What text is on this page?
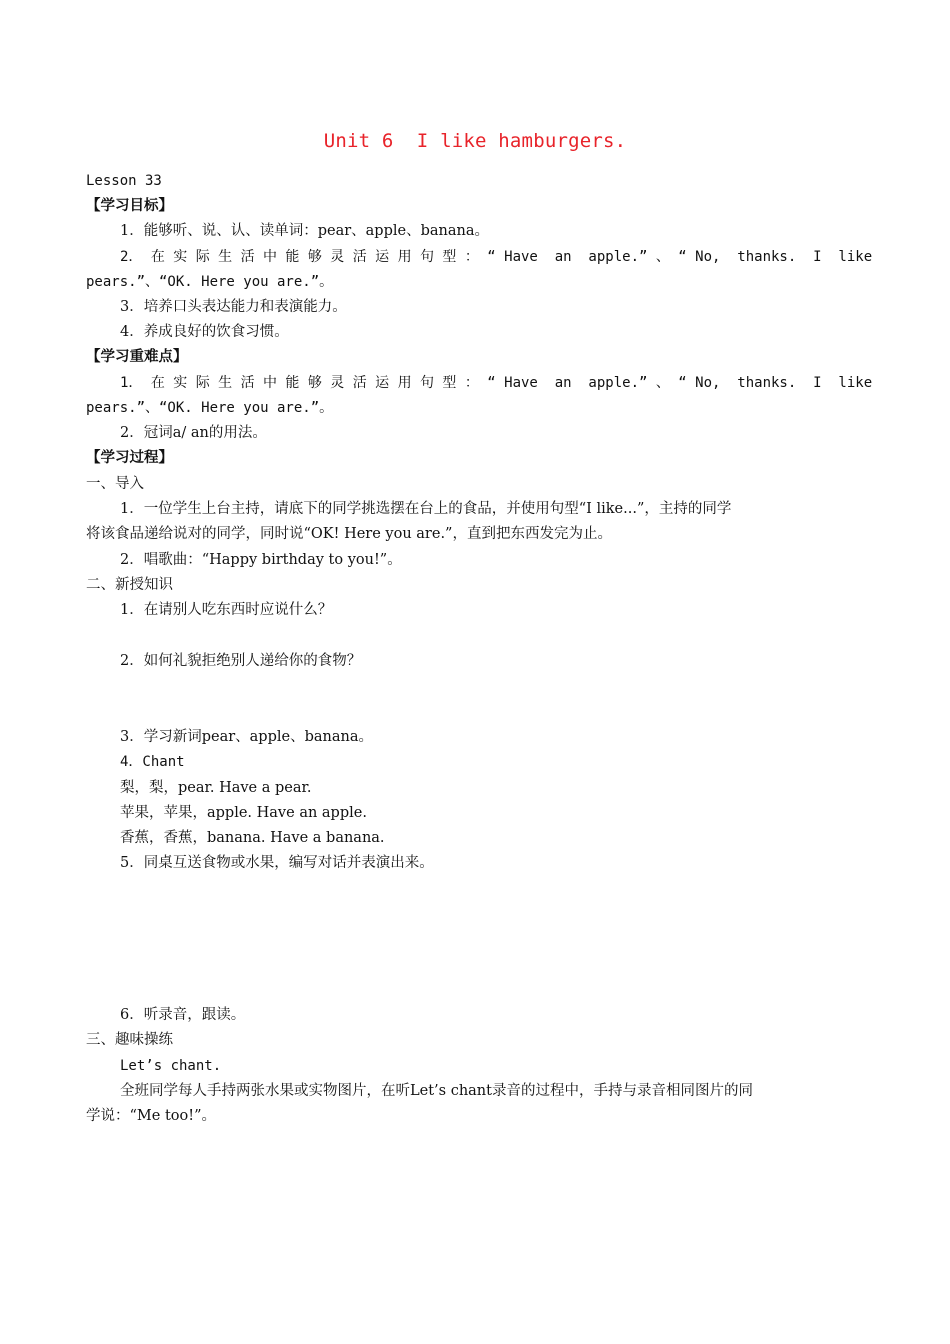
Unit 6  I like hamburgers.
Lesson 33
【学习目标】
1．能够听、说、认、读单词：pear、apple、banana。
2． 在 实 际 生 活 中 能 够 灵 活 运 用 句 型 ： “ Have  an  apple.” 、 “ No,  thanks.  I  like
pears.”、“OK. Here you are.”。
3．培养口头表达能力和表演能力。
4．养成良好的饮食习惯。
【学习重难点】
1． 在 实 际 生 活 中 能 够 灵 活 运 用 句 型 ： “ Have  an  apple.” 、 “ No,  thanks.  I  like
pears.”、“OK. Here you are.”。
2．冠词a/ an的用法。
【学习过程】
一、导入
1．一位学生上台主持，请底下的同学挑选摆在台上的食品，并使用句型“I like...”，主持的同学
将该食品递给说对的同学，同时说“OK! Here you are.”，直到把东西发完为止。
2．唱歌曲：“Happy birthday to you!”。
二、新授知识
1．在请别人吃东西时应说什么？
2．如何礼貌拒绝别人递给你的食物？
3．学习新词pear、apple、banana。
4．Chant
梨，梨，pear. Have a pear.
苹果，苹果，apple. Have an apple.
香蕉，香蕉，banana. Have a banana.
5．同桌互送食物或水果，编写对话并表演出来。
6．听录音，跟读。
三、趣味操练
Let’s chant.
全班同学每人手持两张水果或实物图片，在听Let’s chant录音的过程中，手持与录音相同图片的同
学说：“Me too!”。
